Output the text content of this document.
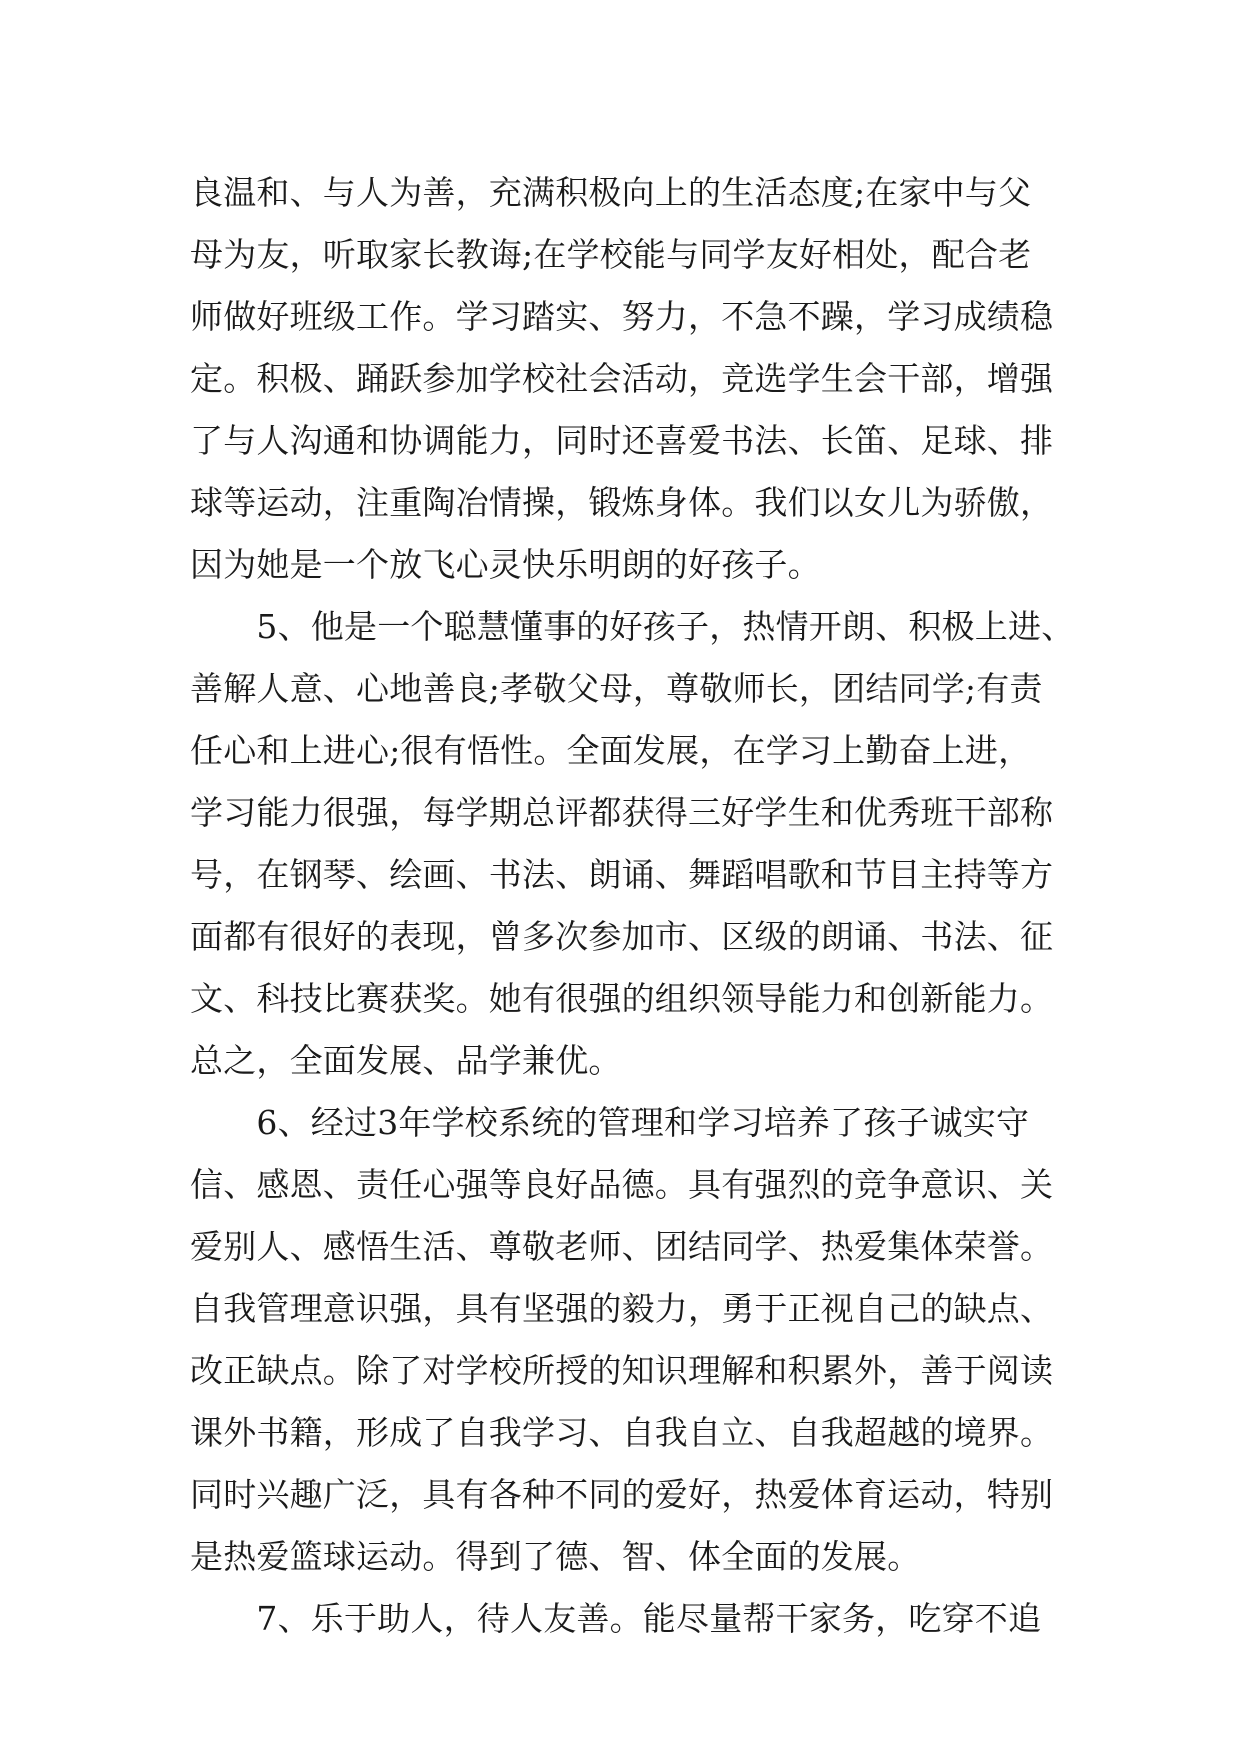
良温和、与人为善，充满积极向上的生活态度;在家中与父
母为友，听取家长教诲;在学校能与同学友好相处，配合老
师做好班级工作。学习踏实、努力，不急不躁，学习成绩稳
定。积极、踊跃参加学校社会活动，竞选学生会干部，增强
了与人沟通和协调能力，同时还喜爱书法、长笛、足球、排
球等运动，注重陶冶情操，锻炼身体。我们以女儿为骄傲，
因为她是一个放飞心灵快乐明朗的好孩子。
　　5、他是一个聪慧懂事的好孩子，热情开朗、积极上进、
善解人意、心地善良;孝敬父母，尊敬师长，团结同学;有责
任心和上进心;很有悟性。全面发展，在学习上勤奋上进，
学习能力很强，每学期总评都获得三好学生和优秀班干部称
号，在钢琴、绘画、书法、朗诵、舞蹈唱歌和节目主持等方
面都有很好的表现，曾多次参加市、区级的朗诵、书法、征
文、科技比赛获奖。她有很强的组织领导能力和创新能力。
总之，全面发展、品学兼优。
　　6、经过3年学校系统的管理和学习培养了孩子诚实守
信、感恩、责任心强等良好品德。具有强烈的竞争意识、关
爱别人、感悟生活、尊敬老师、团结同学、热爱集体荣誉。
自我管理意识强，具有坚强的毅力，勇于正视自己的缺点、
改正缺点。除了对学校所授的知识理解和积累外，善于阅读
课外书籍，形成了自我学习、自我自立、自我超越的境界。
同时兴趣广泛，具有各种不同的爱好，热爱体育运动，特别
是热爱篮球运动。得到了德、智、体全面的发展。
　　7、乐于助人，待人友善。能尽量帮干家务，吃穿不追
